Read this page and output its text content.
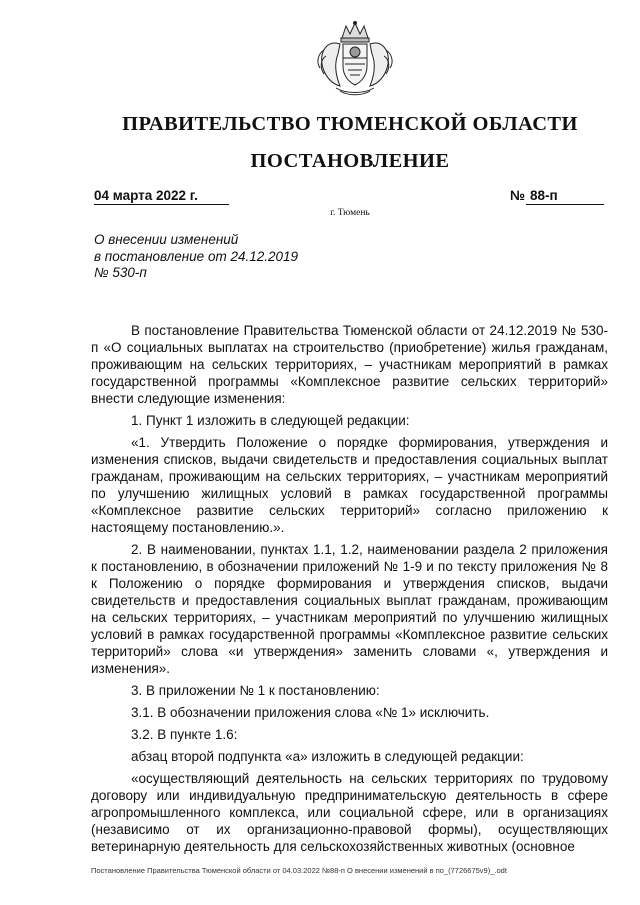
ПРАВИТЕЛЬСТВО ТЮМЕНСКОЙ ОБЛАСТИ
ПОСТАНОВЛЕНИЕ
04 марта 2022 г.	№ 88-п
г. Тюмень
О внесении изменений
в постановление от 24.12.2019
№ 530-п

В постановление Правительства Тюменской области от 24.12.2019 № 530-п «О социальных выплатах на строительство (приобретение) жилья гражданам, проживающим на сельских территориях, – участникам мероприятий в рамках государственной программы «Комплексное развитие сельских территорий» внести следующие изменения:

1. Пункт 1 изложить в следующей редакции:

«1. Утвердить Положение о порядке формирования, утверждения и изменения списков, выдачи свидетельств и предоставления социальных выплат гражданам, проживающим на сельских территориях, – участникам мероприятий по улучшению жилищных условий в рамках государственной программы «Комплексное развитие сельских территорий» согласно приложению к настоящему постановлению.».

2. В наименовании, пунктах 1.1, 1.2, наименовании раздела 2 приложения к постановлению, в обозначении приложений № 1-9 и по тексту приложения № 8 к Положению о порядке формирования и утверждения списков, выдачи свидетельств и предоставления социальных выплат гражданам, проживающим на сельских территориях, – участникам мероприятий по улучшению жилищных условий в рамках государственной программы «Комплексное развитие сельских территорий» слова «и утверждения» заменить словами «, утверждения и изменения».

3. В приложении № 1 к постановлению:

3.1. В обозначении приложения слова «№ 1» исключить.

3.2. В пункте 1.6:

абзац второй подпункта «а» изложить в следующей редакции:

«осуществляющий деятельность на сельских территориях по трудовому договору или индивидуальную предпринимательскую деятельность в сфере агропромышленного комплекса, или социальной сфере, или в организациях (независимо от их организационно-правовой формы), осуществляющих ветеринарную деятельность для сельскохозяйственных животных (основное

Постановление Правительства Тюменской области от 04.03.2022 №88-п О внесении изменений в по_(7726675v9)_.odt
